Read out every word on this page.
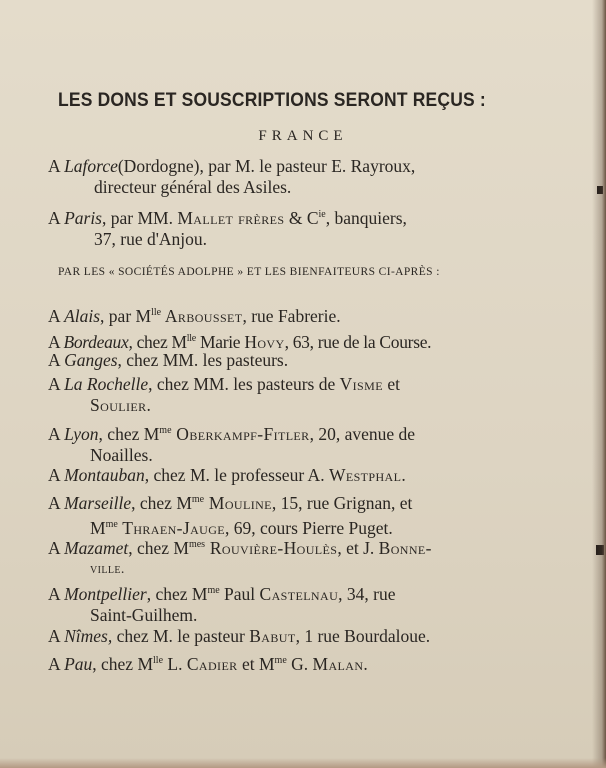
LES DONS ET SOUSCRIPTIONS SERONT REÇUS :
FRANCE
A Laforce(Dordogne), par M. le pasteur E. Rayroux,
directeur général des Asiles.
A Paris, par MM. Mallet frères & $C^{ie}$, banquiers,
37, rue d'Anjou.
PAR LES « SOCIÉTÉS ADOLPHE » ET LES BIENFAITEURS CI-APRÈS :
A Alais, par $M^{lle}$ Arbousset, rue Fabrerie.
A Bordeaux, chez $M^{lle}$ Marie Hovy, 63, rue de la Course.
A Ganges, chez MM. les pasteurs.
A La Rochelle, chez MM. les pasteurs de Visme et
Soulier.
A Lyon, chez $M^{me}$ Oberkampf-Fitler, 20, avenue de
Noailles.
A Montauban, chez M. le professeur A. Westphal.
A Marseille, chez $M^{me}$ Mouline, 15, rue Grignan, et
$M^{me}$ Thraen-Jauge, 69, cours Pierre Puget.
A Mazamet, chez $M^{mes}$ Rouvière-Houlès, et J. Bonne-
ville.
A Montpellier, chez $M^{me}$ Paul Castelnau, 34, rue
Saint-Guilhem.
A Nîmes, chez M. le pasteur Babut, 1 rue Bourdaloue.
A Pau, chez $M^{lle}$ L. Cadier et $M^{me}$ G. Malan.
